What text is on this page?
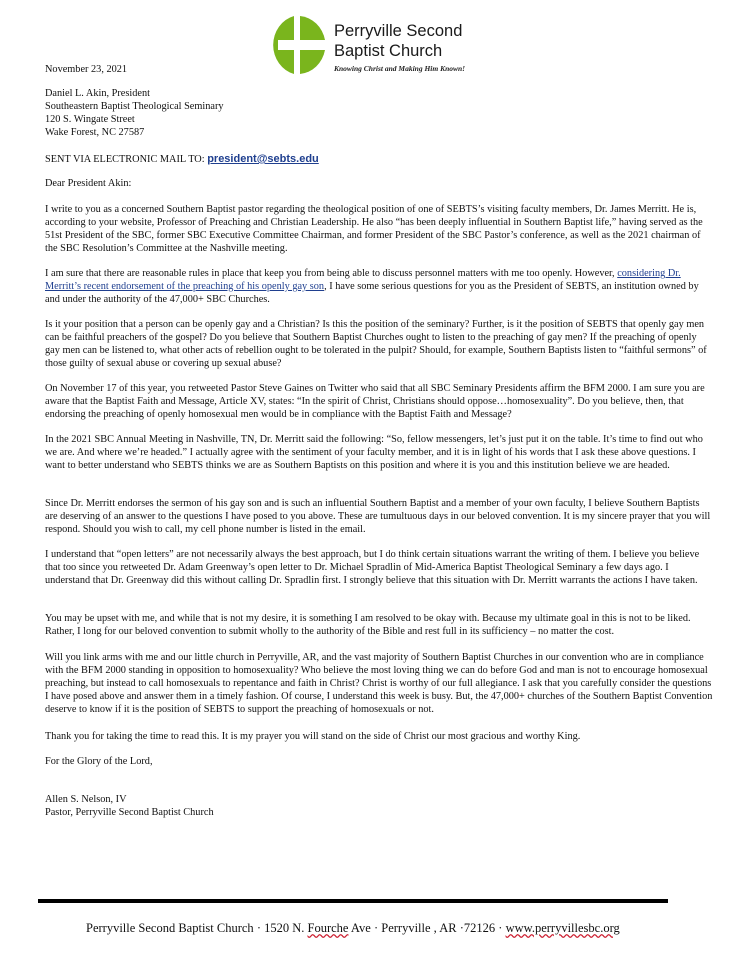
Perryville Second
Baptist Church
Knowing Christ and Making Him Known!
November 23, 2021
Daniel L. Akin, President
Southeastern Baptist Theological Seminary
120 S. Wingate Street
Wake Forest, NC 27587
SENT VIA ELECTRONIC MAIL TO: president@sebts.edu
Dear President Akin:

I write to you as a concerned Southern Baptist pastor regarding the theological position of one of SEBTS’s visiting faculty members, Dr. James Merritt. He is, according to your website, Professor of Preaching and Christian Leadership. He also “has been deeply influential in Southern Baptist life,” having served as the 51st President of the SBC, former SBC Executive Committee Chairman, and former President of the SBC Pastor’s conference, as well as the 2021 chairman of the SBC Resolution’s Committee at the Nashville meeting.

I am sure that there are reasonable rules in place that keep you from being able to discuss personnel matters with me too openly. However, considering Dr. Merritt’s recent endorsement of the preaching of his openly gay son, I have some serious questions for you as the President of SEBTS, an institution owned by and under the authority of the 47,000+ SBC Churches.

Is it your position that a person can be openly gay and a Christian? Is this the position of the seminary? Further, is it the position of SEBTS that openly gay men can be faithful preachers of the gospel? Do you believe that Southern Baptist Churches ought to listen to the preaching of gay men? If the preaching of openly gay men can be listened to, what other acts of rebellion ought to be tolerated in the pulpit? Should, for example, Southern Baptists listen to “faithful sermons” of those guilty of sexual abuse or covering up sexual abuse?

On November 17 of this year, you retweeted Pastor Steve Gaines on Twitter who said that all SBC Seminary Presidents affirm the BFM 2000. I am sure you are aware that the Baptist Faith and Message, Article XV, states: “In the spirit of Christ, Christians should oppose…homosexuality”. Do you believe, then, that endorsing the preaching of openly homosexual men would be in compliance with the Baptist Faith and Message?

In the 2021 SBC Annual Meeting in Nashville, TN, Dr. Merritt said the following: “So, fellow messengers, let’s just put it on the table. It’s time to find out who we are. And where we’re headed.” I actually agree with the sentiment of your faculty member, and it is in light of his words that I ask these above questions. I want to better understand who SEBTS thinks we are as Southern Baptists on this position and where it is you and this institution believe we are headed.

Since Dr. Merritt endorses the sermon of his gay son and is such an influential Southern Baptist and a member of your own faculty, I believe Southern Baptists are deserving of an answer to the questions I have posed to you above. These are tumultuous days in our beloved convention. It is my sincere prayer that you will respond. Should you wish to call, my cell phone number is listed in the email.

I understand that “open letters” are not necessarily always the best approach, but I do think certain situations warrant the writing of them. I believe you believe that too since you retweeted Dr. Adam Greenway’s open letter to Dr. Michael Spradlin of Mid-America Baptist Theological Seminary a few days ago. I understand that Dr. Greenway did this without calling Dr. Spradlin first. I strongly believe that this situation with Dr. Merritt warrants the actions I have taken.

You may be upset with me, and while that is not my desire, it is something I am resolved to be okay with. Because my ultimate goal in this is not to be liked. Rather, I long for our beloved convention to submit wholly to the authority of the Bible and rest full in its sufficiency – no matter the cost.

Will you link arms with me and our little church in Perryville, AR, and the vast majority of Southern Baptist Churches in our convention who are in compliance with the BFM 2000 standing in opposition to homosexuality? Who believe the most loving thing we can do before God and man is not to encourage homosexual preaching, but instead to call homosexuals to repentance and faith in Christ? Christ is worthy of our full allegiance. I ask that you carefully consider the questions I have posed above and answer them in a timely fashion. Of course, I understand this week is busy. But, the 47,000+ churches of the Southern Baptist Convention deserve to know if it is the position of SEBTS to support the preaching of homosexuals or not.

Thank you for taking the time to read this. It is my prayer you will stand on the side of Christ our most gracious and worthy King.

For the Glory of the Lord,
Allen S. Nelson, IV
Pastor, Perryville Second Baptist Church
Perryville Second Baptist Church · 1520 N. Fourche Ave · Perryville , AR ·72126 · www.perryvillesbc.org
